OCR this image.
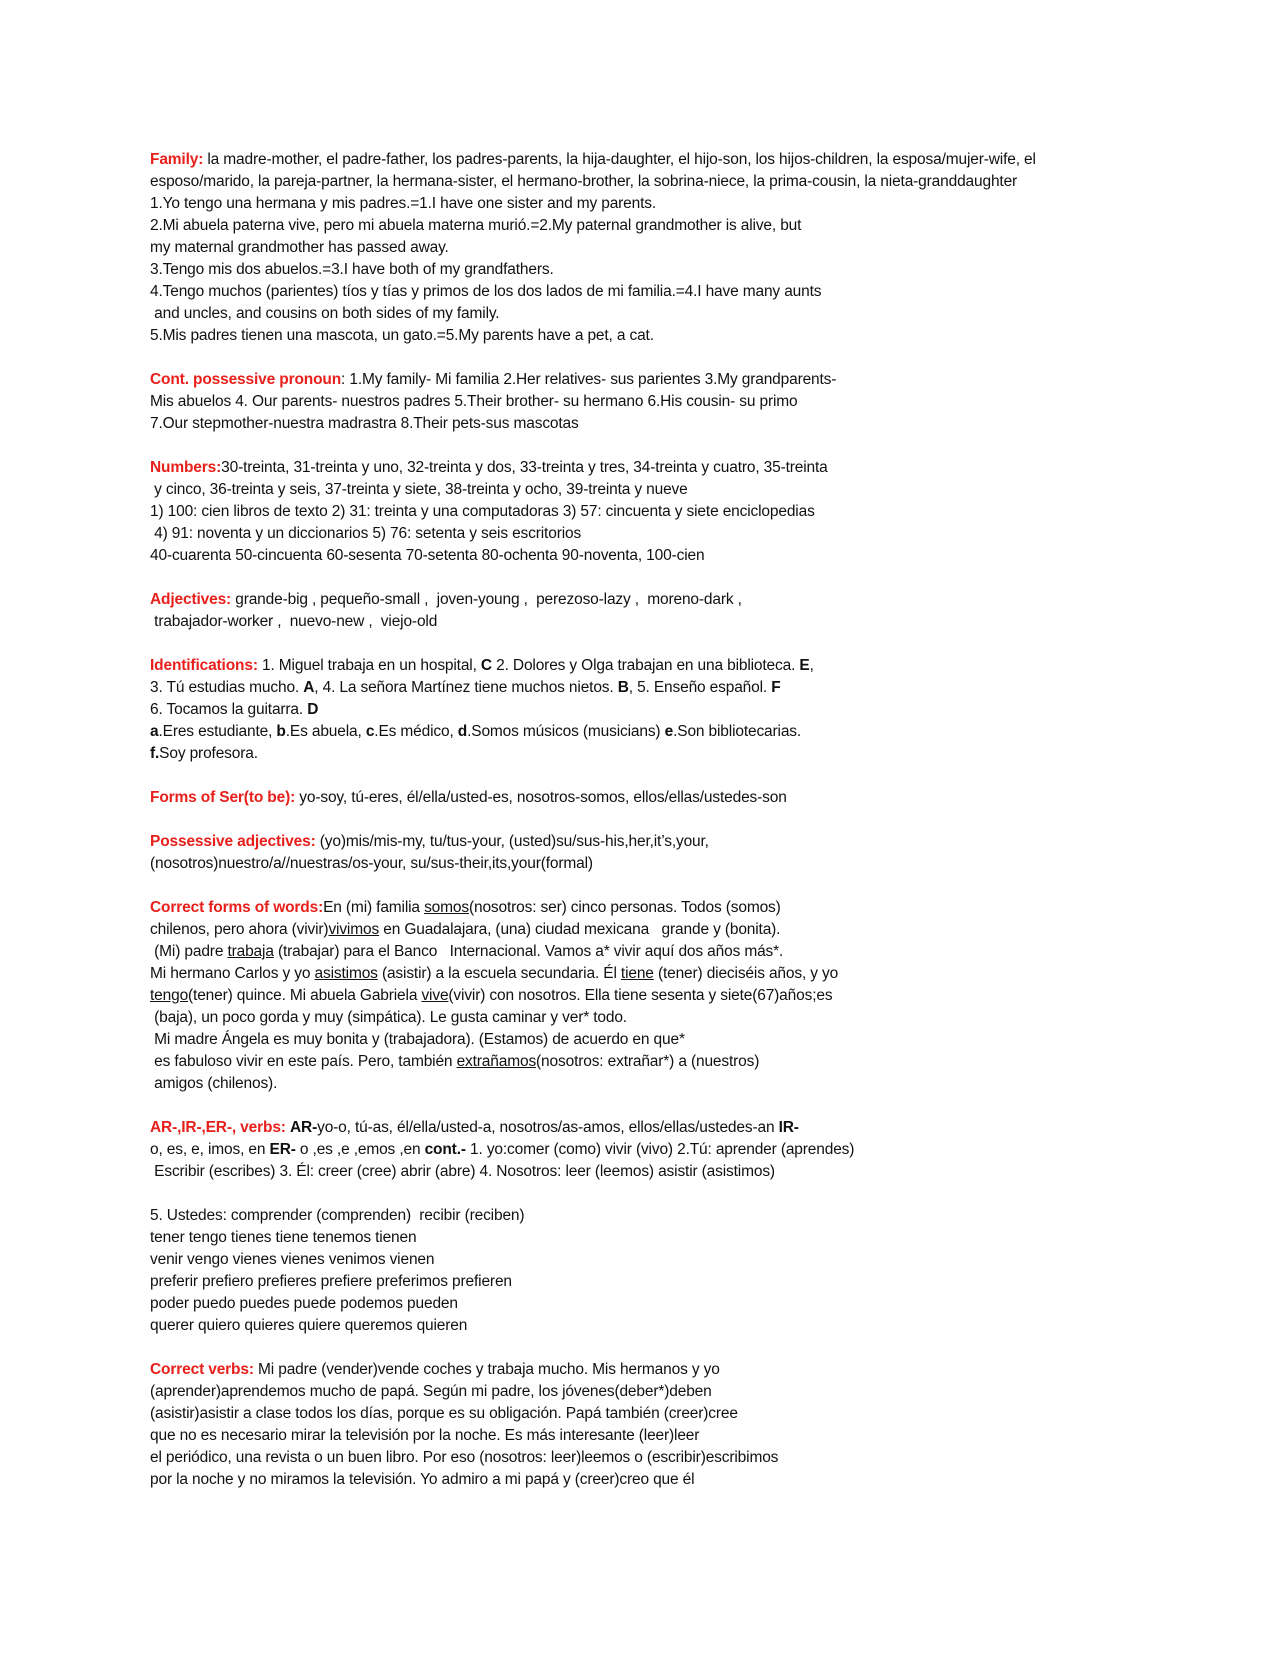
Family: la madre-mother, el padre-father, los padres-parents, la hija-daughter, el hijo-son, los hijos-children, la esposa/mujer-wife, el
esposo/marido, la pareja-partner, la hermana-sister, el hermano-brother, la sobrina-niece, la prima-cousin, la nieta-granddaughter
1.Yo tengo una hermana y mis padres.=1.I have one sister and my parents.
2.Mi abuela paterna vive, pero mi abuela materna murió.=2.My paternal grandmother is alive, but
my maternal grandmother has passed away.
3.Tengo mis dos abuelos.=3.I have both of my grandfathers.
4.Tengo muchos (parientes) tíos y tías y primos de los dos lados de mi familia.=4.I have many aunts
and uncles, and cousins on both sides of my family.
5.Mis padres tienen una mascota, un gato.=5.My parents have a pet, a cat.
Cont. possessive pronoun: 1.My family- Mi familia 2.Her relatives- sus parientes 3.My grandparents-
Mis abuelos 4. Our parents- nuestros padres 5.Their brother- su hermano 6.His cousin- su primo
7.Our stepmother-nuestra madrastra 8.Their pets-sus mascotas
Numbers:30-treinta, 31-treinta y uno, 32-treinta y dos, 33-treinta y tres, 34-treinta y cuatro, 35-treinta
y cinco, 36-treinta y seis, 37-treinta y siete, 38-treinta y ocho, 39-treinta y nueve
1) 100: cien libros de texto 2) 31: treinta y una computadoras 3) 57: cincuenta y siete enciclopedias
4) 91: noventa y un diccionarios 5) 76: setenta y seis escritorios
40-cuarenta 50-cincuenta 60-sesenta 70-setenta 80-ochenta 90-noventa, 100-cien
Adjectives: grande-big , pequeño-small ,  joven-young ,  perezoso-lazy ,  moreno-dark ,
trabajador-worker ,  nuevo-new ,  viejo-old
Identifications: 1. Miguel trabaja en un hospital, C 2. Dolores y Olga trabajan en una biblioteca. E,
3. Tú estudias mucho. A, 4. La señora Martínez tiene muchos nietos. B, 5. Enseño español. F
6. Tocamos la guitarra. D
a.Eres estudiante, b.Es abuela, c.Es médico, d.Somos músicos (musicians) e.Son bibliotecarias.
f.Soy profesora.
Forms of Ser(to be): yo-soy, tú-eres, él/ella/usted-es, nosotros-somos, ellos/ellas/ustedes-son
Possessive adjectives: (yo)mis/mis-my, tu/tus-your, (usted)su/sus-his,her,it’s,your,
(nosotros)nuestro/a//nuestras/os-your, su/sus-their,its,your(formal)
Correct forms of words:En (mi) familia somos(nosotros: ser) cinco personas. Todos (somos)
chilenos, pero ahora (vivir)vivimos en Guadalajara, (una) ciudad mexicana   grande y (bonita).
(Mi) padre trabaja (trabajar) para el Banco   Internacional. Vamos a* vivir aquí dos años más*.
Mi hermano Carlos y yo asistimos (asistir) a la escuela secundaria. Él tiene (tener) dieciséis años, y yo
tengo(tener) quince. Mi abuela Gabriela vive(vivir) con nosotros. Ella tiene sesenta y siete(67)años;es
(baja), un poco gorda y muy (simpática). Le gusta caminar y ver* todo.
Mi madre Ángela es muy bonita y (trabajadora). (Estamos) de acuerdo en que*
es fabuloso vivir en este país. Pero, también extrañamos(nosotros: extrañar*) a (nuestros)
amigos (chilenos).
AR-,IR-,ER-, verbs: AR-yo-o, tú-as, él/ella/usted-a, nosotros/as-amos, ellos/ellas/ustedes-an IR-
o, es, e, imos, en ER- o ,es ,e ,emos ,en cont.- 1. yo:comer (como) vivir (vivo) 2.Tú: aprender (aprendes)
Escribir (escribes) 3. Él: creer (cree) abrir (abre) 4. Nosotros: leer (leemos) asistir (asistimos)
5. Ustedes: comprender (comprenden)  recibir (reciben)
tener tengo tienes tiene tenemos tienen
venir vengo vienes vienes venimos vienen
preferir prefiero prefieres prefiere preferimos prefieren
poder puedo puedes puede podemos pueden
querer quiero quieres quiere queremos quieren
Correct verbs: Mi padre (vender)vende coches y trabaja mucho. Mis hermanos y yo
(aprender)aprendemos mucho de papá. Según mi padre, los jóvenes(deber*)deben
(asistir)asistir a clase todos los días, porque es su obligación. Papá también (creer)cree
que no es necesario mirar la televisión por la noche. Es más interesante (leer)leer
el periódico, una revista o un buen libro. Por eso (nosotros: leer)leemos o (escribir)escribimos
por la noche y no miramos la televisión. Yo admiro a mi papá y (creer)creo que él
